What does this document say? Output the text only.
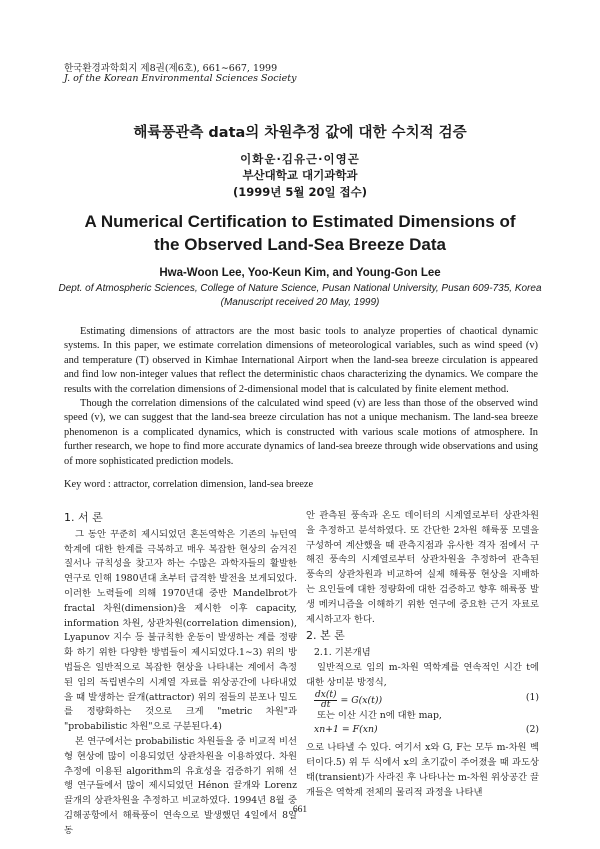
한국환경과학회지 제8권(제6호), 661∼667, 1999
J. of the Korean Environmental Sciences Society
해륙풍관측 data의 차원추정 값에 대한 수치적 검증
이화운·김유근·이영곤
부산대학교 대기과학과
(1999년 5월 20일 접수)
A Numerical Certification to Estimated Dimensions of
the Observed Land-Sea Breeze Data
Hwa-Woon Lee, Yoo-Keun Kim, and Young-Gon Lee
Dept. of Atmospheric Sciences, College of Nature Science, Pusan National University, Pusan 609-735, Korea
(Manuscript received 20 May, 1999)

Estimating dimensions of attractors are the most basic tools to analyze properties of chaotical dynamic systems. In this paper, we estimate correlation dimensions of meteorological variables, such as wind speed (v) and temperature (T) observed in Kimhae International Airport when the land-sea breeze circulation is appeared and find low non-integer values that reflect the deterministic chaos characterizing the dynamics. We compare the results with the correlation dimensions of 2-dimensional model that is calculated by finite element method.

Though the correlation dimensions of the calculated wind speed (v) are less than those of the observed wind speed (v), we can suggest that the land-sea breeze circulation has not a unique mechanism. The land-sea breeze phenomenon is a complicated dynamics, which is constructed with various scale motions of atmosphere. In further research, we hope to find more accurate dynamics of land-sea breeze through wide observations and using of more sophisticated prediction models.

Key word : attractor, correlation dimension, land-sea breeze

1. 서 론

그 동안 꾸준히 제시되었던 혼돈역학은 기존의 뉴턴역학계에 대한 한계를 극복하고 매우 복잡한 현상의 숨겨진 질서나 규칙성을 찾고자 하는 수많은 과학자들의 활발한 연구로 인해 1980년대 초부터 급격한 발전을 보게되었다. 이러한 노력들에 의해 1970년대 중반 Mandelbrot가 fractal 차원(dimension)을 제시한 이후 capacity, information 차원, 상관차원(correlation dimension), Lyapunov 지수 등 불규칙한 운동이 발생하는 계를 정량화 하기 위한 다양한 방법들이 제시되었다.1∼3) 위의 방법들은 일반적으로 복잡한 현상을 나타내는 계에서 측정된 임의 독립변수의 시계열 자료를 위상공간에 나타내었을 때 발생하는 끌개(attractor) 위의 점들의 분포나 밀도를 정량화하는 것으로 크게 "metric 차원"과 "probabilistic 차원"으로 구분된다.4)

본 연구에서는 probabilistic 차원들을 중 비교적 비선형 현상에 많이 이용되었던 상관차원을 이용하였다. 차원추정에 이용된 algorithm의 유효성을 검증하기 위해 선행 연구들에서 많이 제시되었던 Hénon 끌개와 Lorenz 끌개의 상관차원을 추정하고 비교하였다. 1994년 8월 중 김해공항에서 해륙풍이 연속으로 발생했던 4일에서 8일 동

안 관측된 풍속과 온도 데이터의 시계열로부터 상관차원을 추정하고 분석하였다. 또 간단한 2차원 해륙풍 모델을 구성하여 계산했을 때 관측지점과 유사한 격자 점에서 구해진 풍속의 시계열로부터 상관차원을 추정하여 관측된 풍속의 상관차원과 비교하여 실제 해륙풍 현상을 지배하는 요인들에 대한 정량화에 대한 검증하고 향후 해륙풍 발생 메커니즘을 이해하기 위한 연구에 중요한 근거 자료로 제시하고자 한다.

2. 본 론

2.1. 기본개념

일반적으로 임의 m-차원 역학계를 연속적인 시간 t에 대한 상미분 방정식,

$\frac{dx(t)}{dt} = G(x(t))$	(1)

또는 이산 시간 n에 대한 map,

xn+1 = F(xn)	(2)

으로 나타낼 수 있다. 여기서 x와 G, F는 모두 m-차원 벡터이다.5) 위 두 식에서 x의 초기값이 주어졌을 때 과도상태(transient)가 사라진 후 나타나는 m-차원 위상공간 끌개들은 역학계 전체의 물리적 과정을 나타낸

661
